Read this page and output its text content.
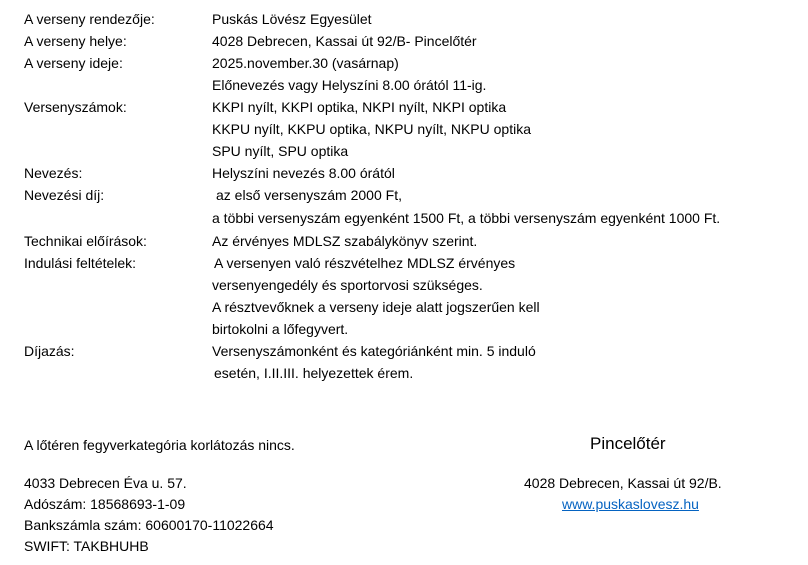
A verseny rendezője:
A verseny helye:
A verseny ideje:
Versenyszámok:
Nevezés:
Nevezési díj:
Technikai előírások:
Indulási feltételek:
Díjazás:
Puskás Lövész Egyesület
4028 Debrecen, Kassai út 92/B- Pincelőtér
2025.november.30 (vasárnap)
Előnevezés vagy Helyszíni 8.00 órától 11-ig.
KKPI nyílt, KKPI optika, NKPI nyílt, NKPI optika
KKPU nyílt, KKPU optika, NKPU nyílt, NKPU optika
SPU nyílt, SPU optika
Helyszíni nevezés 8.00 órától
az első versenyszám 2000 Ft,
a többi versenyszám egyenként 1500 Ft, a többi versenyszám egyenként 1000 Ft.
Az érvényes MDLSZ szabálykönyv szerint.
A versenyen való részvételhez MDLSZ érvényes
versenyengedély és sportorvosi szükséges.
A résztvevőknek a verseny ideje alatt jogszerűen kell
birtokolni a lőfegyvert.
Versenyszámonként és kategóriánként min. 5 induló
esetén, I.II.III. helyezettek érem.
A lőtéren fegyverkategória korlátozás nincs.
4033 Debrecen Éva u. 57.
Adószám: 18568693-1-09
Bankszámla szám: 60600170-11022664
SWIFT: TAKBHUHB
Pincelőtér
4028 Debrecen, Kassai út 92/B.
www.puskaslovesz.hu
